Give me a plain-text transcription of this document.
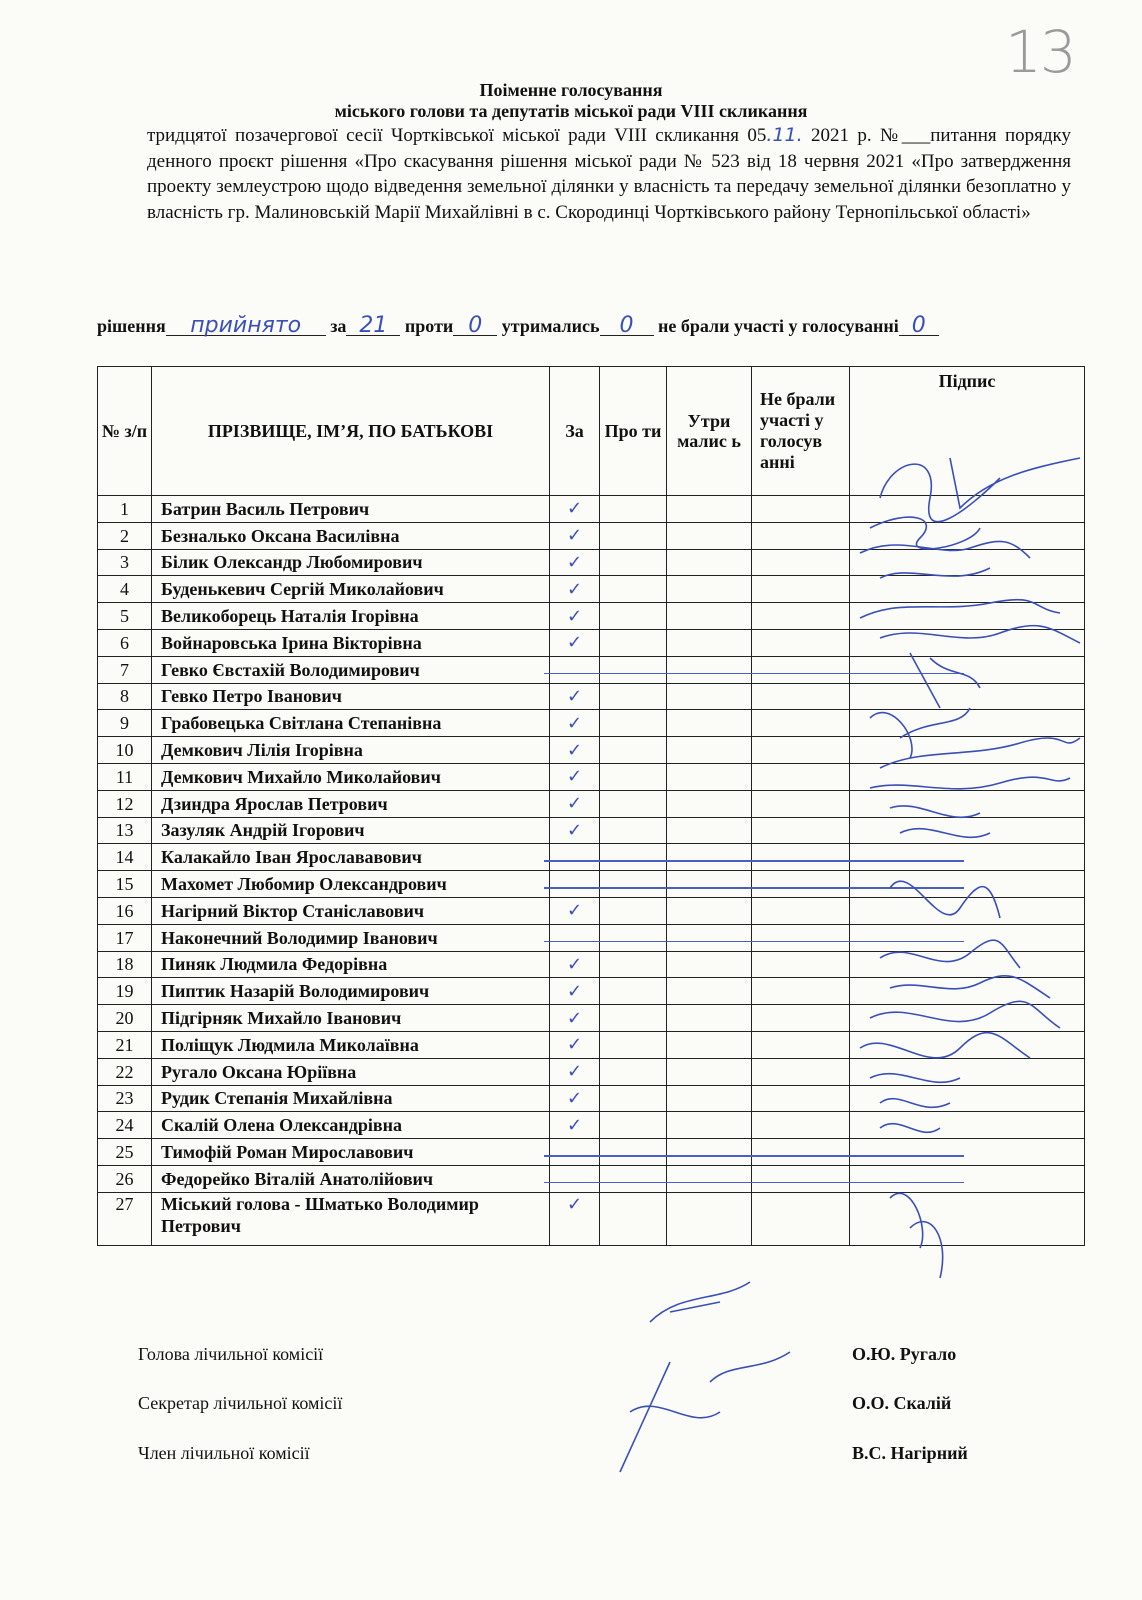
13
Поіменне голосування
міського голови та депутатів міської ради VIII скликання
тридцятої позачергової сесії Чортківської міської ради VIII скликання 05.11. 2021 р. №___питання порядку денного проєкт рішення «Про скасування рішення міської ради № 523 від 18 червня 2021 «Про затвердження проекту землеустрою щодо відведення земельної ділянки у власність та передачу земельної ділянки безоплатно у власність гр. Малиновській Марії Михайлівні в с. Скородинці Чортківського району Тернопільської області»
рішення прийнято за 21 проти 0 утримались 0 не брали участі у голосуванні 0
№ з/п	ПРІЗВИЩЕ, ІМ’Я, ПО БАТЬКОВІ	За	Про ти	Утри малис ь	Не брали участі у голосув анні	Підпис
1	Батрин Василь Петрович	✓				
2	Безналько Оксана Василівна	✓				
3	Білик Олександр Любомирович	✓				
4	Буденькевич Сергій Миколайович	✓				
5	Великоборець Наталія Ігорівна	✓				
6	Войнаровська Ірина Вікторівна	✓				
7	Гевко Євстахій Володимирович	

8	Гевко Петро Іванович	✓				
9	Грабовецька Світлана Степанівна	✓				
10	Демкович Лілія Ігорівна	✓				
11	Демкович Михайло Миколайович	✓				
12	Дзиндра Ярослав Петрович	✓				
13	Зазуляк Андрій Ігорович	✓				
14	Калакайло Іван Ярослававович	

15	Махомет Любомир Олександрович	

16	Нагірний Віктор Станіславович	✓				
17	Наконечний Володимир Іванович	

18	Пиняк Людмила Федорівна	✓				
19	Пиптик Назарій Володимирович	✓				
20	Підгірняк Михайло Іванович	✓				
21	Поліщук Людмила Миколаївна	✓				
22	Ругало Оксана Юріївна	✓				
23	Рудик Степанія Михайлівна	✓				
24	Скалій Олена Олександрівна	✓				
25	Тимофій Роман Мирославович	

26	Федорейко Віталій Анатолійович	

27	Міський голова - Шматько Володимир Петрович	✓				
Голова лічильної комісії	О.Ю. Ругало
Секретар лічильної комісії	О.О. Скалій
Член лічильної комісії	В.С. Нагірний
